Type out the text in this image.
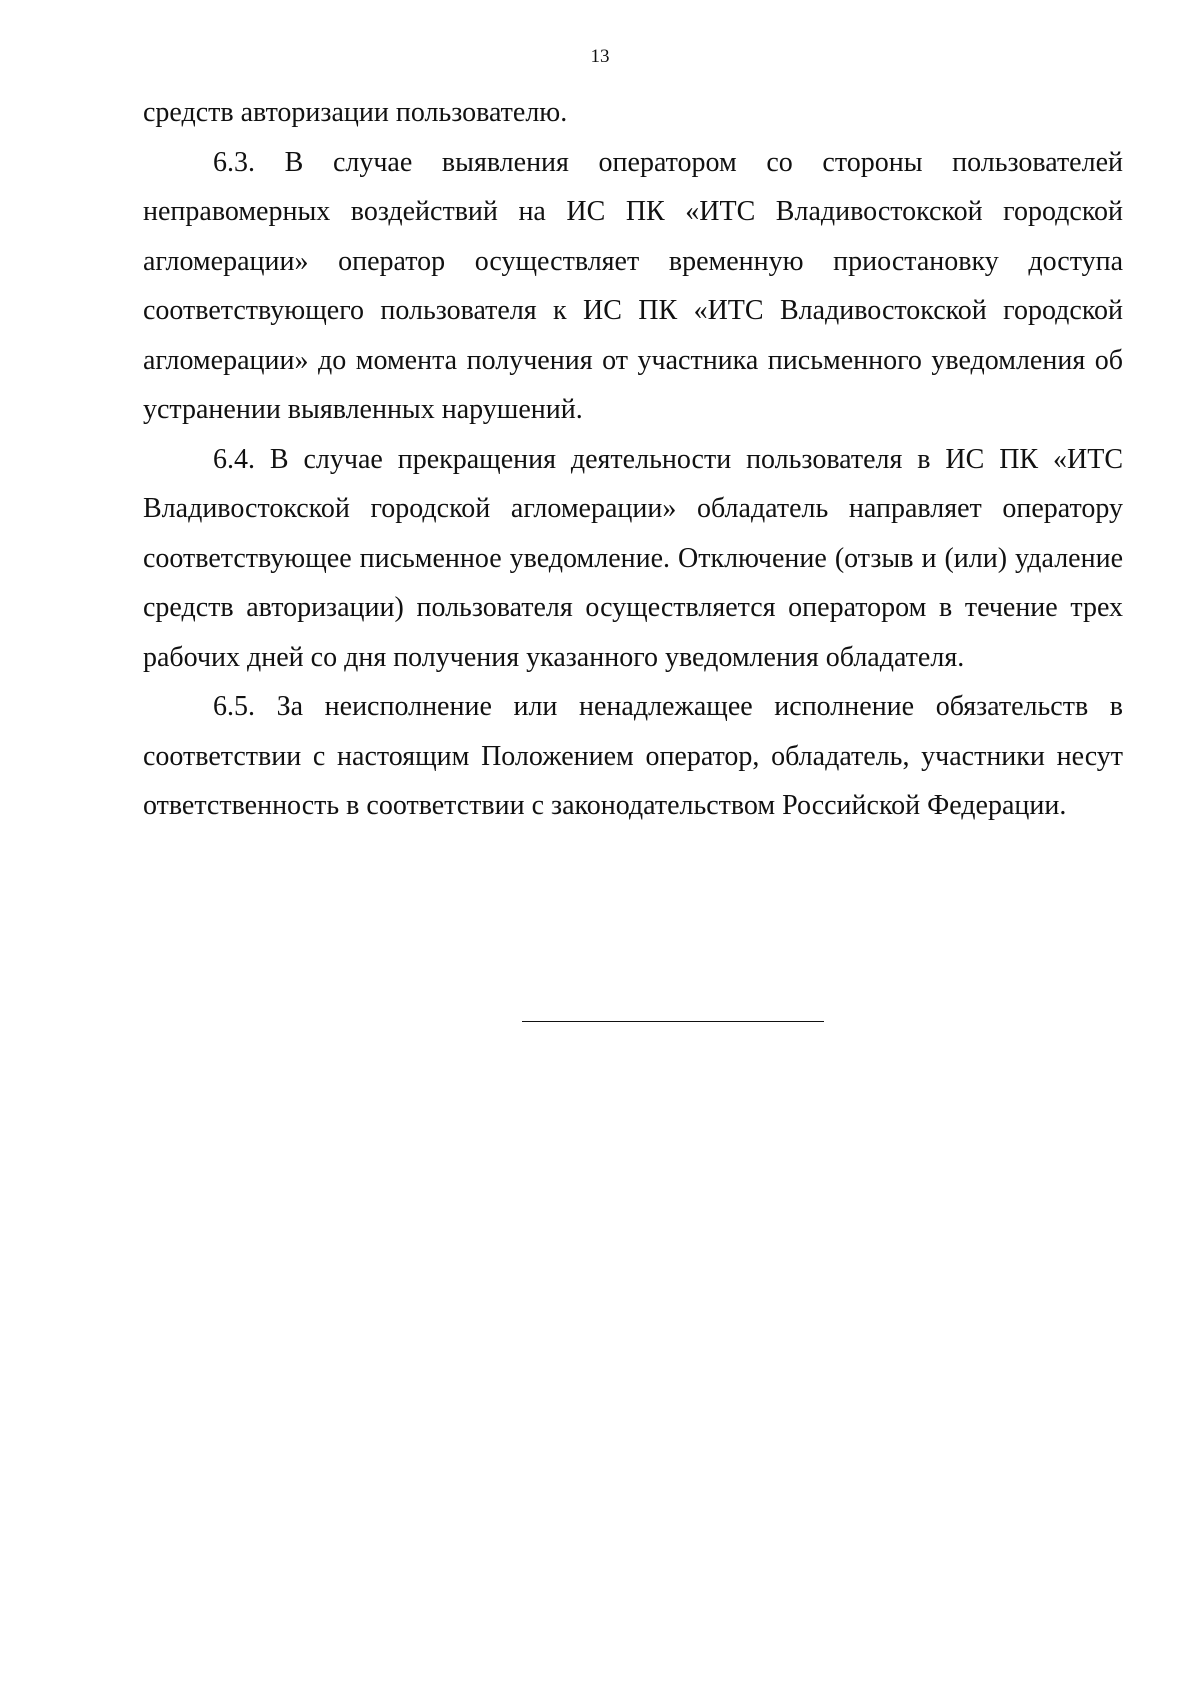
13

средств авторизации пользователю.

6.3. В случае выявления оператором со стороны пользователей неправомерных воздействий на ИС ПК «ИТС Владивостокской городской агломерации» оператор осуществляет временную приостановку доступа соответствующего пользователя к ИС ПК «ИТС Владивостокской городской агломерации» до момента получения от участника письменного уведомления об устранении выявленных нарушений.

6.4. В случае прекращения деятельности пользователя в ИС ПК «ИТС Владивостокской городской агломерации» обладатель направляет оператору соответствующее письменное уведомление. Отключение (отзыв и (или) удаление средств авторизации) пользователя осуществляется оператором в течение трех рабочих дней со дня получения указанного уведомления обладателя.

6.5. За неисполнение или ненадлежащее исполнение обязательств в соответствии с настоящим Положением оператор, обладатель, участники несут ответственность в соответствии с законодательством Российской Федерации.
